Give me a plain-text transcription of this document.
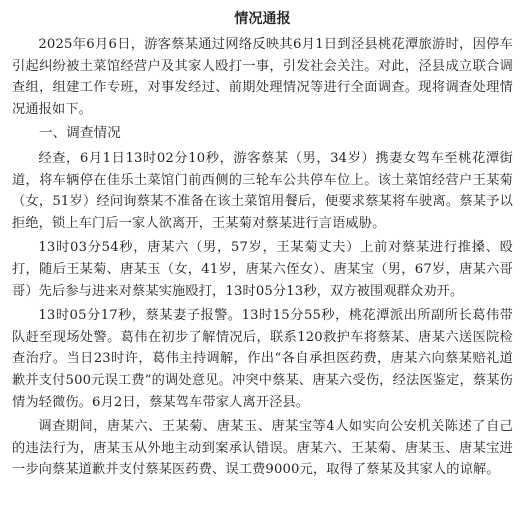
情况通报

2025年6月6日，游客蔡某通过网络反映其6月1日到泾县桃花潭旅游时，因停车引起纠纷被土菜馆经营户及其家人殴打一事，引发社会关注。对此，泾县成立联合调查组，组建工作专班，对事发经过、前期处理情况等进行全面调查。现将调查处理情况通报如下。

一、调查情况

经查，6月1日13时02分10秒，游客蔡某（男，34岁）携妻女驾车至桃花潭街道，将车辆停在佳乐土菜馆门前西侧的三轮车公共停车位上。该土菜馆经营户王某菊（女，51岁）经问询蔡某不准备在该土菜馆用餐后，便要求蔡某将车驶离。蔡某予以拒绝，锁上车门后一家人欲离开，王某菊对蔡某进行言语威胁。

13时03分54秒，唐某六（男，57岁，王某菊丈夫）上前对蔡某进行推搡、殴打，随后王某菊、唐某玉（女，41岁，唐某六侄女）、唐某宝（男，67岁，唐某六哥哥）先后参与进来对蔡某实施殴打，13时05分13秒，双方被围观群众劝开。

13时05分17秒，蔡某妻子报警。13时15分55秒，桃花潭派出所副所长葛伟带队赶至现场处警。葛伟在初步了解情况后，联系120救护车将蔡某、唐某六送医院检查治疗。当日23时许，葛伟主持调解，作出“各自承担医药费，唐某六向蔡某赔礼道歉并支付500元误工费”的调处意见。冲突中蔡某、唐某六受伤，经法医鉴定，蔡某伤情为轻微伤。6月2日，蔡某驾车带家人离开泾县。

调查期间，唐某六、王某菊、唐某玉、唐某宝等4人如实向公安机关陈述了自己的违法行为，唐某玉从外地主动到案承认错误。唐某六、王某菊、唐某玉、唐某宝进一步向蔡某道歉并支付蔡某医药费、误工费9000元，取得了蔡某及其家人的谅解。
